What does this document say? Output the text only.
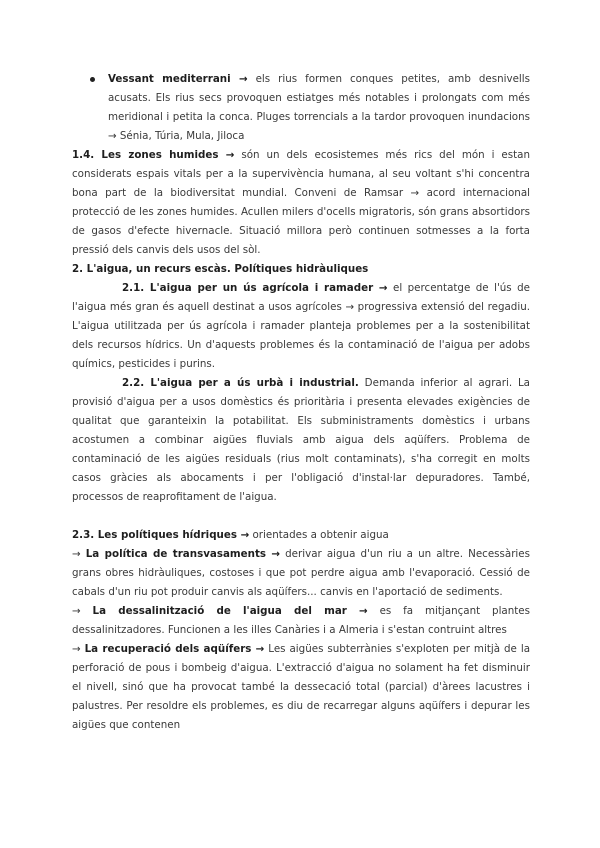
Vessant mediterrani → els rius formen conques petites, amb desnivells acusats. Els rius secs provoquen estiatges més notables i prolongats com més meridional i petita la conca. Pluges torrencials a la tardor provoquen inundacions → Sénia, Túria, Mula, Jiloca

1.4. Les zones humides → són un dels ecosistemes més rics del món i estan considerats espais vitals per a la supervivència humana, al seu voltant s'hi concentra bona part de la biodiversitat mundial. Conveni de Ramsar → acord internacional protecció de les zones humides. Acullen milers d'ocells migratoris, són grans absortidors de gasos d'efecte hivernacle. Situació millora però continuen sotmesses a la forta pressió dels canvis dels usos del sòl.

2. L'aigua, un recurs escàs. Polítiques hidràuliques

2.1. L'aigua per un ús agrícola i ramader → el percentatge de l'ús de l'aigua més gran és aquell destinat a usos agrícoles → progressiva extensió del regadiu. L'aigua utilitzada per ús agrícola i ramader planteja problemes per a la sostenibilitat dels recursos hídrics. Un d'aquests problemes és la contaminació de l'aigua per adobs químics, pesticides i purins.

2.2. L'aigua per a ús urbà i industrial. Demanda inferior al agrari. La provisió d'aigua per a usos domèstics és prioritària i presenta elevades exigències de qualitat que garanteixin la potabilitat. Els subministraments domèstics i urbans acostumen a combinar aigües fluvials amb aigua dels aqüífers. Problema de contaminació de les aigües residuals (rius molt contaminats), s'ha corregit en molts casos gràcies als abocaments i per l'obligació d'instal·lar depuradores. També, processos de reaprofitament de l'aigua.

2.3. Les polítiques hídriques → orientades a obtenir aigua

→ La política de transvasaments → derivar aigua d'un riu a un altre. Necessàries grans obres hidràuliques, costoses i que pot perdre aigua amb l'evaporació. Cessió de cabals d'un riu pot produir canvis als aqüífers... canvis en l'aportació de sediments.

→ La dessalinització de l'aigua del mar → es fa mitjançant plantes dessalinitzadores. Funcionen a les illes Canàries i a Almeria i s'estan contruint altres

→ La recuperació dels aqüífers → Les aigües subterrànies s'exploten per mitjà de la perforació de pous i bombeig d'aigua. L'extracció d'aigua no solament ha fet disminuir el nivell, sinó que ha provocat també la dessecació total (parcial) d'àrees lacustres i palustres. Per resoldre els problemes, es diu de recarregar alguns aqüífers i depurar les aigües que contenen
